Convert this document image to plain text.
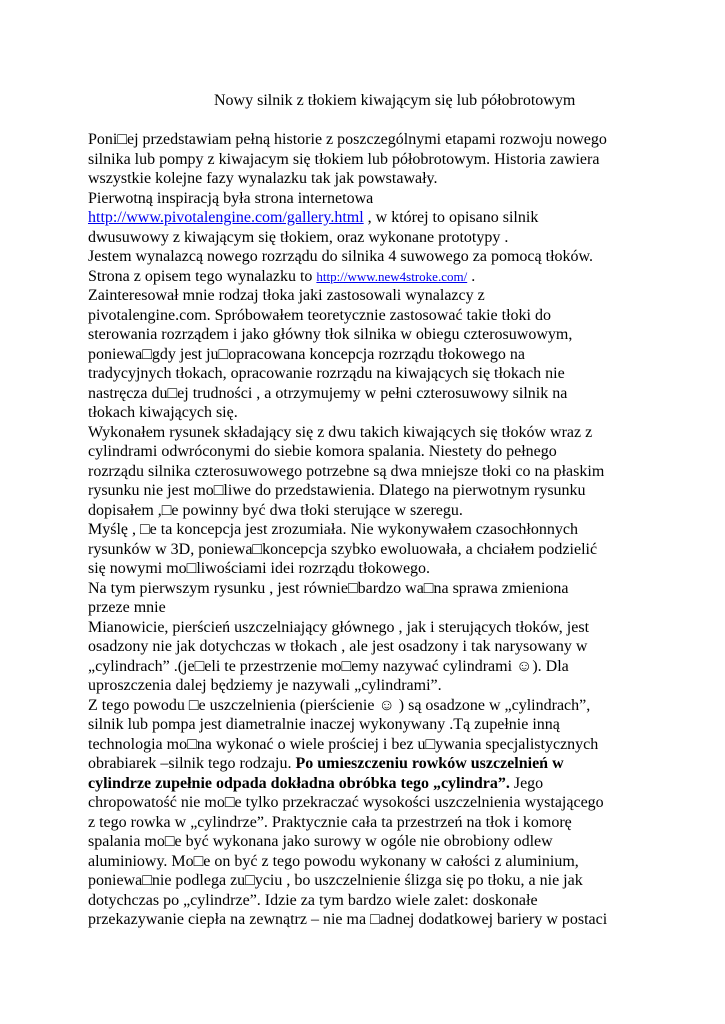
Nowy silnik z tłokiem kiwającym się lub półobrotowym
Poni□ej przedstawiam pełną historie z poszczególnymi etapami rozwoju nowego
silnika lub pompy z kiwajacym się tłokiem lub półobrotowym. Historia zawiera
wszystkie kolejne fazy wynalazku tak jak powstawały.
Pierwotną inspiracją była strona internetowa
http://www.pivotalengine.com/gallery.html , w której to opisano silnik
dwusuwowy z kiwającym się tłokiem, oraz wykonane prototypy .
Jestem wynalazcą nowego rozrządu do silnika 4 suwowego za pomocą tłoków.
Strona z opisem tego wynalazku to http://www.new4stroke.com/ .
Zainteresował mnie rodzaj tłoka jaki zastosowali wynalazcy z
pivotalengine.com. Spróbowałem teoretycznie zastosować takie tłoki do
sterowania rozrządem i jako główny tłok silnika w obiegu czterosuwowym,
poniewa□gdy jest ju□opracowana koncepcja rozrządu tłokowego na
tradycyjnych tłokach, opracowanie rozrządu na kiwających się tłokach nie
nastręcza du□ej trudności , a otrzymujemy w pełni czterosuwowy silnik na
tłokach kiwających się.
Wykonałem rysunek składający się z dwu takich kiwających się tłoków wraz z
cylindrami odwróconymi do siebie komora spalania. Niestety do pełnego
rozrządu silnika czterosuwowego potrzebne są dwa mniejsze tłoki co na płaskim
rysunku nie jest mo□liwe do przedstawienia. Dlatego na pierwotnym rysunku
dopisałem ,□e powinny być dwa tłoki sterujące w szeregu.
Myślę , □e ta koncepcja jest zrozumiała. Nie wykonywałem czasochłonnych
rysunków w 3D, poniewa□koncepcja szybko ewoluowała, a chciałem podzielić
się nowymi mo□liwościami idei rozrządu tłokowego.
Na tym pierwszym rysunku , jest równie□bardzo wa□na sprawa zmieniona
przeze mnie
Mianowicie, pierścień uszczelniający głównego , jak i sterujących tłoków, jest
osadzony nie jak dotychczas w tłokach , ale jest osadzony i tak narysowany w
„cylindrach” .(je□eli te przestrzenie mo□emy nazywać cylindrami ☺). Dla
uproszczenia dalej będziemy je nazywali „cylindrami”.
Z tego powodu □e uszczelnienia (pierścienie ☺ ) są osadzone w „cylindrach”,
silnik lub pompa jest diametralnie inaczej wykonywany .Tą zupełnie inną
technologia mo□na wykonać o wiele prościej i bez u□ywania specjalistycznych
obrabiarek –silnik tego rodzaju. Po umieszczeniu rowków uszczelnień w
cylindrze zupełnie odpada dokładna obróbka tego „cylindra”. Jego
chropowatość nie mo□e tylko przekraczać wysokości uszczelnienia wystającego
z tego rowka w „cylindrze”. Praktycznie cała ta przestrzeń na tłok i komorę
spalania mo□e być wykonana jako surowy w ogóle nie obrobiony odlew
aluminiowy. Mo□e on być z tego powodu wykonany w całości z aluminium,
poniewa□nie podlega zu□yciu , bo uszczelnienie ślizga się po tłoku, a nie jak
dotychczas po „cylindrze”. Idzie za tym bardzo wiele zalet: doskonałe
przekazywanie ciepła na zewnątrz – nie ma □adnej dodatkowej bariery w postaci
